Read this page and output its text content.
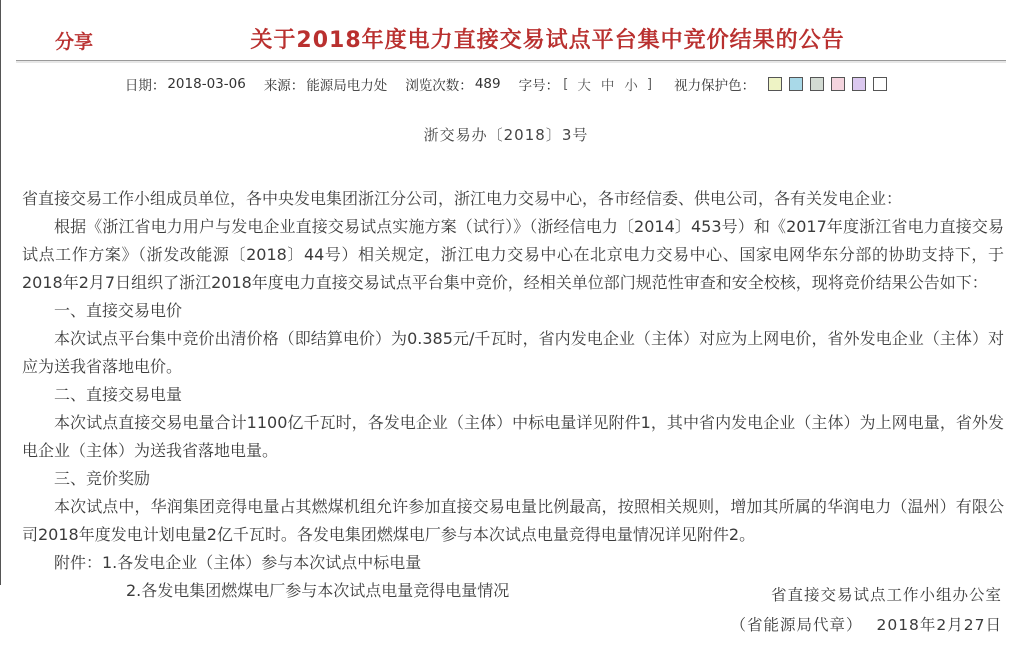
分享	关于2018年度电力直接交易试点平台集中竞价结果的公告
日期： 2018-03-06 来源： 能源局电力处 浏览次数： 489 字号： [ 大 中 小 ] 视力保护色：
浙交易办〔2018〕3号
省直接交易工作小组成员单位，各中央发电集团浙江分公司，浙江电力交易中心，各市经信委、供电公司，各有关发电企业：
根据《浙江省电力用户与发电企业直接交易试点实施方案（试行）》（浙经信电力〔2014〕453号）和《2017年度浙江省电力直接交易试点工作方案》（浙发改能源〔2018〕44号）相关规定，浙江电力交易中心在北京电力交易中心、国家电网华东分部的协助支持下，于2018年2月7日组织了浙江2018年度电力直接交易试点平台集中竞价，经相关单位部门规范性审查和安全校核，现将竞价结果公告如下：
一、直接交易电价
本次试点平台集中竞价出清价格（即结算电价）为0.385元/千瓦时，省内发电企业（主体）对应为上网电价，省外发电企业（主体）对应为送我省落地电价。
二、直接交易电量
本次试点直接交易电量合计1100亿千瓦时，各发电企业（主体）中标电量详见附件1，其中省内发电企业（主体）为上网电量，省外发电企业（主体）为送我省落地电量。
三、竞价奖励
本次试点中，华润集团竞得电量占其燃煤机组允许参加直接交易电量比例最高，按照相关规则，增加其所属的华润电力（温州）有限公司2018年度发电计划电量2亿千瓦时。各发电集团燃煤电厂参与本次试点电量竞得电量情况详见附件2。
附件：1.各发电企业（主体）参与本次试点中标电量
2.各发电集团燃煤电厂参与本次试点电量竞得电量情况	省直接交易试点工作小组办公室
（省能源局代章） 2018年2月27日
